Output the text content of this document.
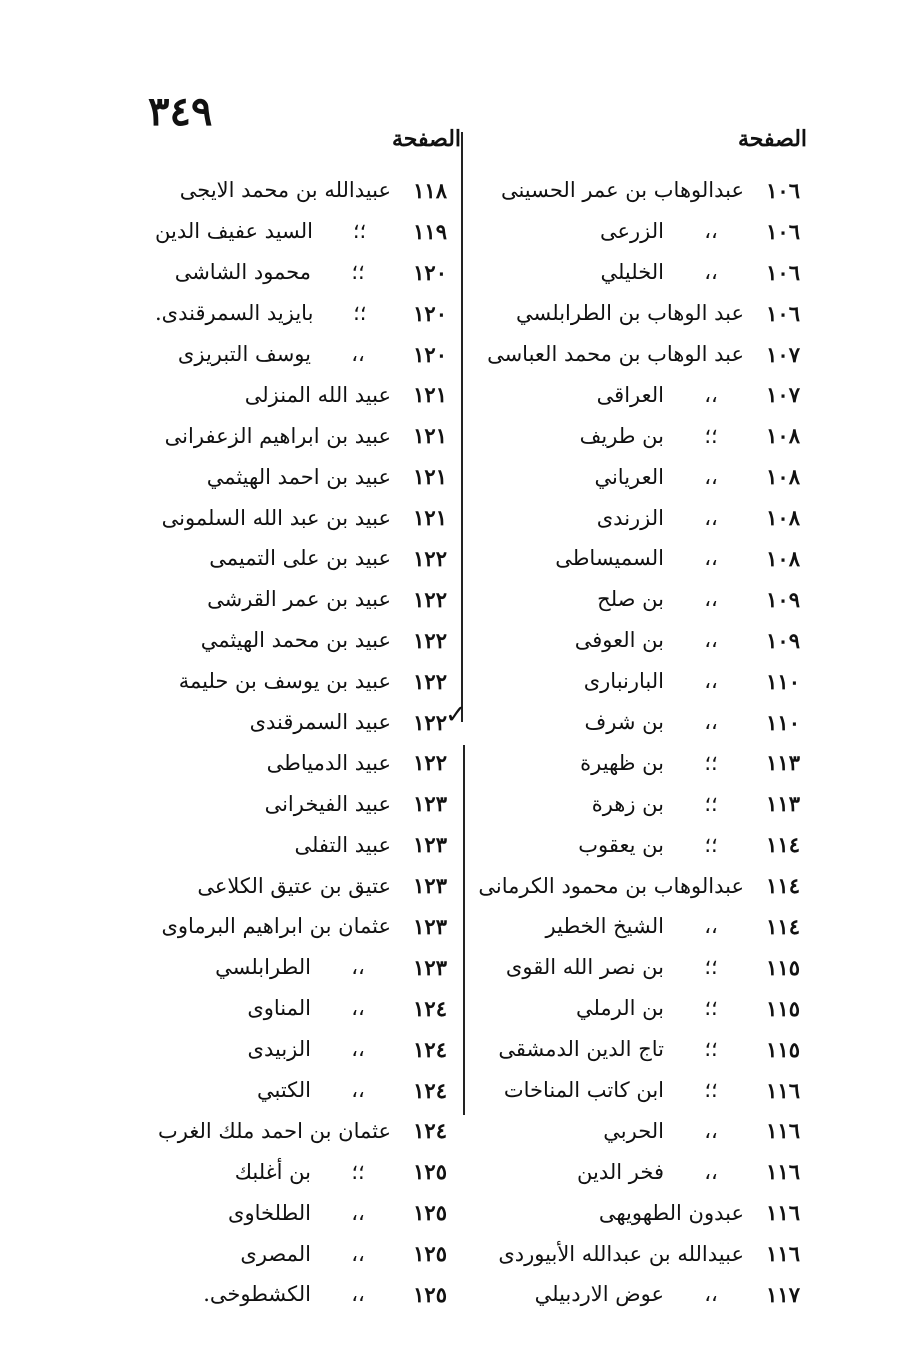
٣٤٩
الصفحة
الصفحة
✓
١٠٦
عبدالوهاب بن عمر الحسينى
١٠٦
،،
الزرعى
١٠٦
،،
الخليلي
١٠٦
عبد الوهاب بن الطرابلسي
١٠٧
عبد الوهاب بن محمد العباسى
١٠٧
،،
العراقى
١٠٨
؛؛
بن طريف
١٠٨
،،
العرياني
١٠٨
،،
الزرندى
١٠٨
،،
السميساطى
١٠٩
،،
بن صلح
١٠٩
،،
بن العوفى
١١٠
،،
البارنبارى
١١٠
،،
بن شرف
١١٣
؛؛
بن ظهيرة
١١٣
؛؛
بن زهرة
١١٤
؛؛
بن يعقوب
١١٤
عبدالوهاب بن محمود الكرمانى
١١٤
،،
الشيخ الخطير
١١٥
؛؛
بن نصر الله القوى
١١٥
؛؛
بن الرملي
١١٥
؛؛
تاج الدين الدمشقى
١١٦
؛؛
ابن كاتب المناخات
١١٦
،،
الحربي
١١٦
،،
فخر الدين
١١٦
عبدون الطهويهى
١١٦
عبيدالله بن عبدالله الأبيوردى
١١٧
،،
عوض الاردبيلي
١١٨
عبيدالله بن محمد الايجى
١١٩
؛؛
السيد عفيف الدين
١٢٠
؛؛
محمود الشاشى
١٢٠
؛؛
بايزيد السمرقندى.
١٢٠
،،
يوسف التبريزى
١٢١
عبيد الله المنزلى
١٢١
عبيد بن ابراهيم الزعفرانى
١٢١
عبيد بن احمد الهيثمي
١٢١
عبيد بن عبد الله السلمونى
١٢٢
عبيد بن على التميمى
١٢٢
عبيد بن عمر القرشى
١٢٢
عبيد بن محمد الهيثمي
١٢٢
عبيد بن يوسف بن حليمة
١٢٢
عبيد السمرقندى
١٢٢
عبيد الدمياطى
١٢٣
عبيد الفيخرانى
١٢٣
عبيد التفلى
١٢٣
عتيق بن عتيق الكلاعى
١٢٣
عثمان بن ابراهيم البرماوى
١٢٣
،،
الطرابلسي
١٢٤
،،
المناوى
١٢٤
،،
الزبيدى
١٢٤
،،
الكتبي
١٢٤
عثمان بن احمد ملك الغرب
١٢٥
؛؛
بن أغلبك
١٢٥
،،
الطلخاوى
١٢٥
،،
المصرى
١٢٥
،،
الكشطوخى.
